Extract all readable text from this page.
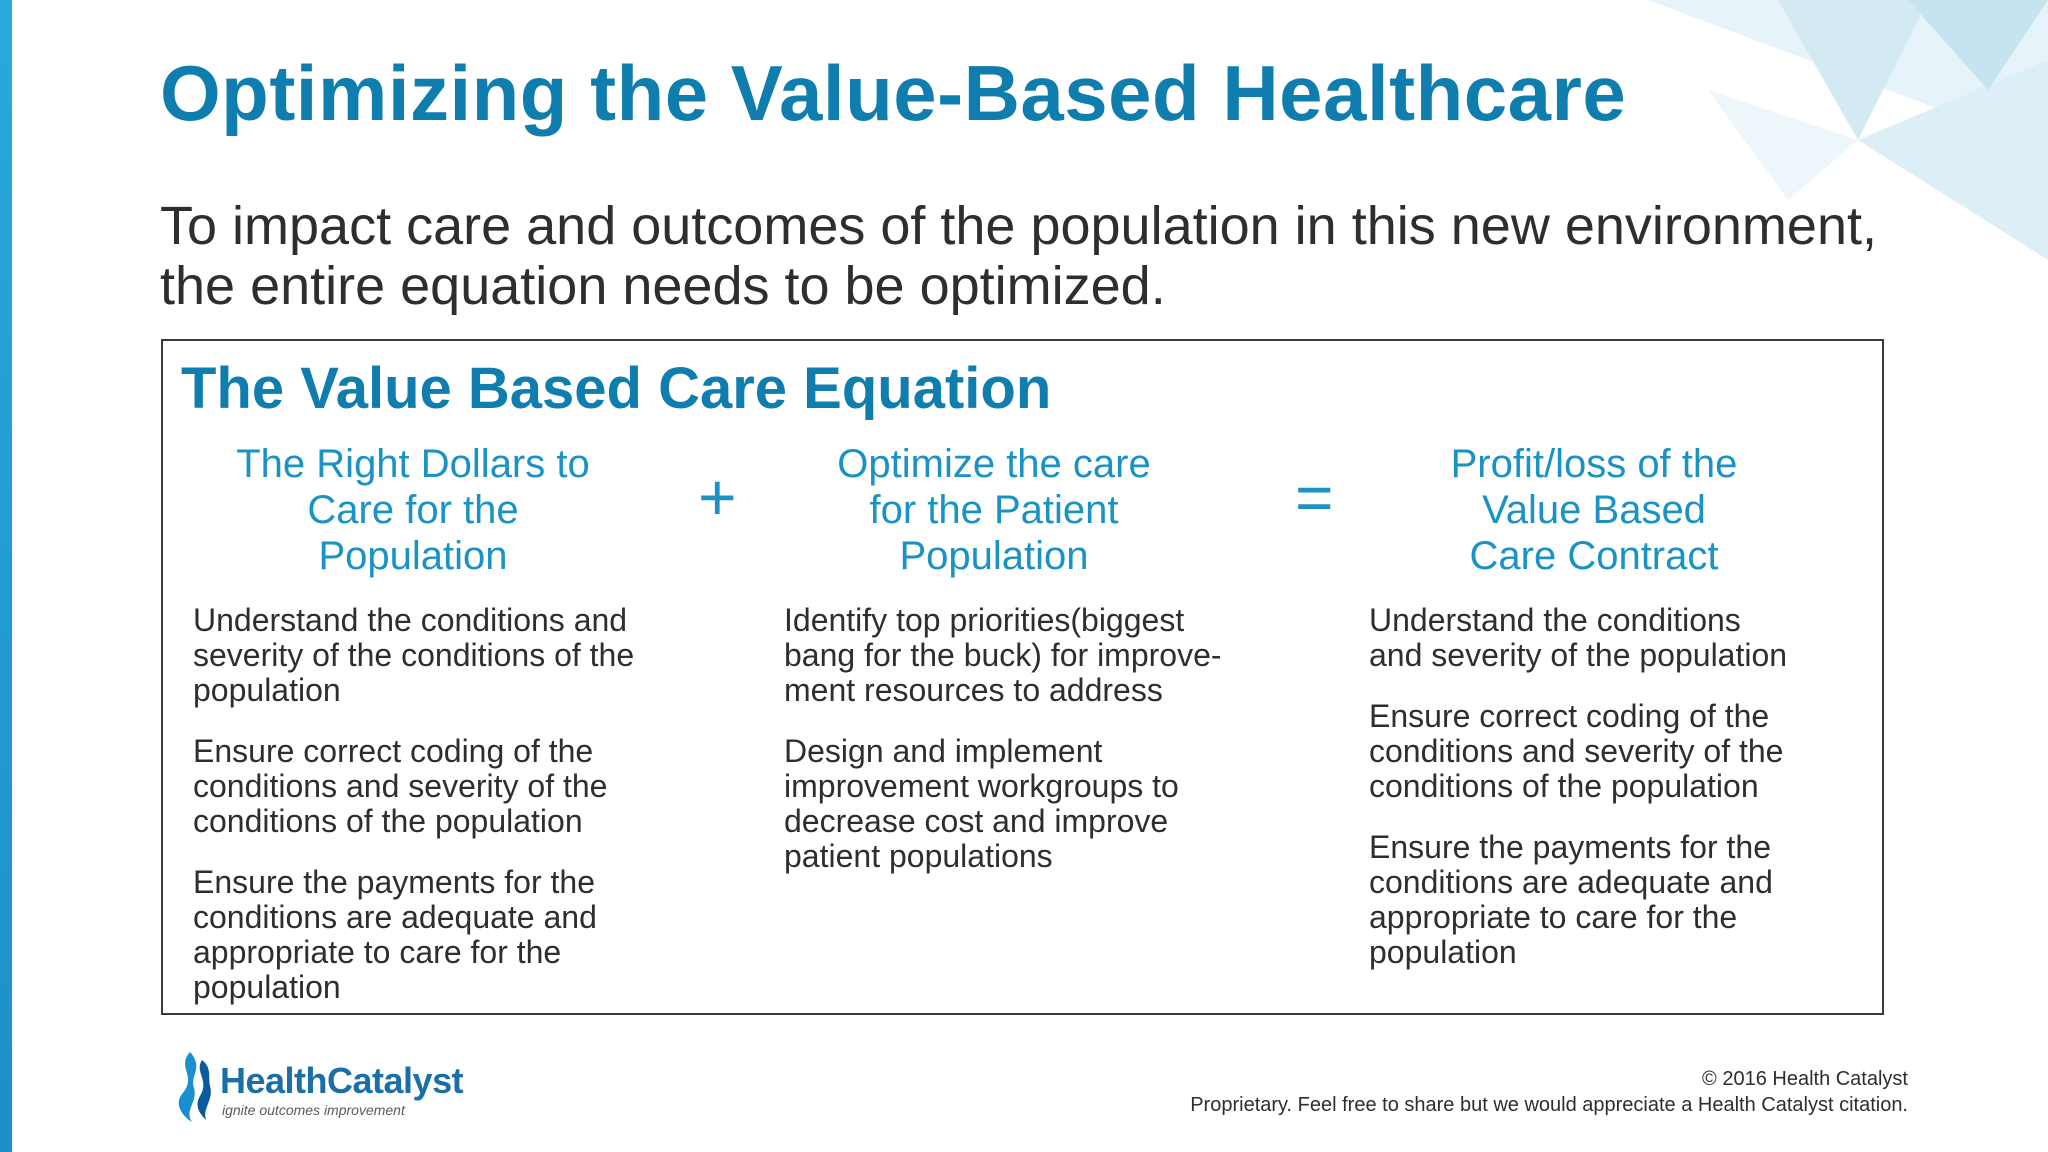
Optimizing the Value-Based Healthcare

To impact care and outcomes of the population in this new environment,
the entire equation needs to be optimized.

The Value Based Care Equation
The Right Dollars to
Care for the
Population
Understand the conditions and
severity of the conditions of the
population
Ensure correct coding of the
conditions and severity of the
conditions of the population
Ensure the payments for the
conditions are adequate and
appropriate to care for the
population
+	Optimize the care
for the Patient
Population
Identify top priorities(biggest
bang for the buck) for improve-
ment resources to address
Design and implement
improvement workgroups to
decrease cost and improve
patient populations
=	Profit/loss of the
Value Based
Care Contract
Understand the conditions
and severity of the population
Ensure correct coding of the
conditions and severity of the
conditions of the population
Ensure the payments for the
conditions are adequate and
appropriate to care for the
population
HealthCatalyst
ignite outcomes improvement
© 2016 Health Catalyst
Proprietary. Feel free to share but we would appreciate a Health Catalyst citation.
